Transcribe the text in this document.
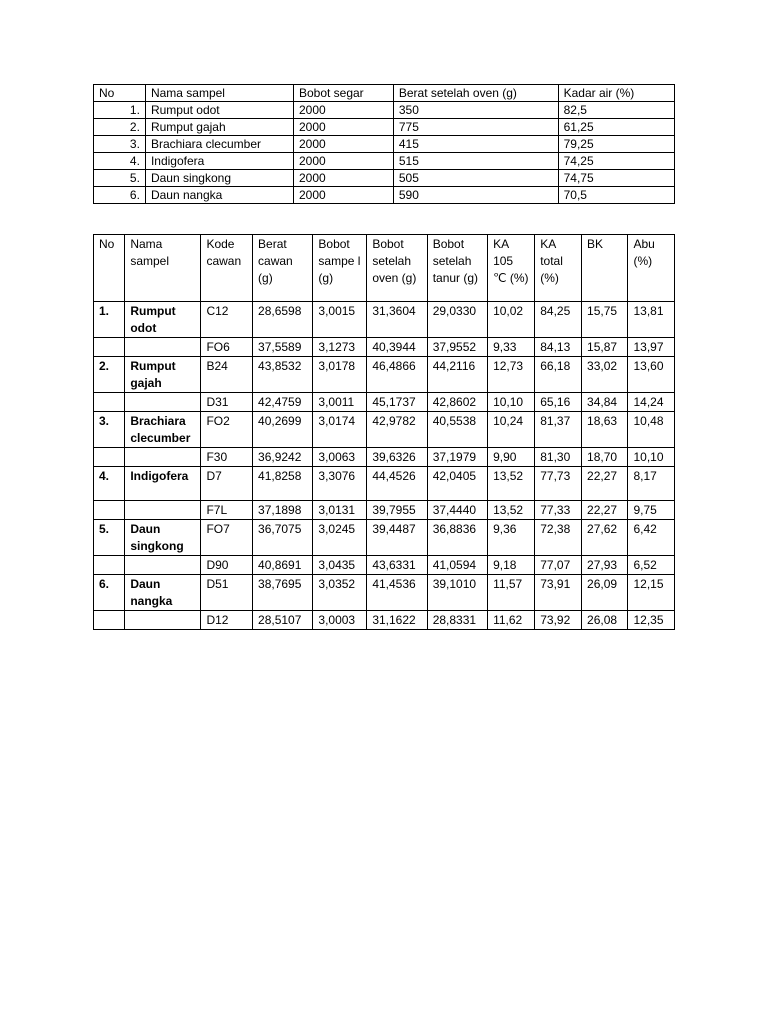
No	Nama sampel	Bobot segar	Berat setelah oven (g)	Kadar air (%)
1.	Rumput odot	2000	350	82,5
2.	Rumput gajah	2000	775	61,25
3.	Brachiara clecumber	2000	415	79,25
4.	Indigofera	2000	515	74,25
5.	Daun singkong	2000	505	74,75
6.	Daun nangka	2000	590	70,5
No	Nama sampel	Kode cawan	Berat cawan (g)	Bobot sampe l (g)	Bobot setelah oven (g)	Bobot setelah tanur (g)	KA 105 ℃ (%)	KA total (%)	BK	Abu (%)
1.	Rumput odot	C12	28,6598	3,0015	31,3604	29,0330	10,02	84,25	15,75	13,81
		FO6	37,5589	3,1273	40,3944	37,9552	9,33	84,13	15,87	13,97
2.	Rumput gajah	B24	43,8532	3,0178	46,4866	44,2116	12,73	66,18	33,02	13,60
		D31	42,4759	3,0011	45,1737	42,8602	10,10	65,16	34,84	14,24
3.	Brachiara clecumber	FO2	40,2699	3,0174	42,9782	40,5538	10,24	81,37	18,63	10,48
		F30	36,9242	3,0063	39,6326	37,1979	9,90	81,30	18,70	10,10
4.	Indigofera	D7	41,8258	3,3076	44,4526	42,0405	13,52	77,73	22,27	8,17
		F7L	37,1898	3,0131	39,7955	37,4440	13,52	77,33	22,27	9,75
5.	Daun singkong	FO7	36,7075	3,0245	39,4487	36,8836	9,36	72,38	27,62	6,42
		D90	40,8691	3,0435	43,6331	41,0594	9,18	77,07	27,93	6,52
6.	Daun nangka	D51	38,7695	3,0352	41,4536	39,1010	11,57	73,91	26,09	12,15
		D12	28,5107	3,0003	31,1622	28,8331	11,62	73,92	26,08	12,35
